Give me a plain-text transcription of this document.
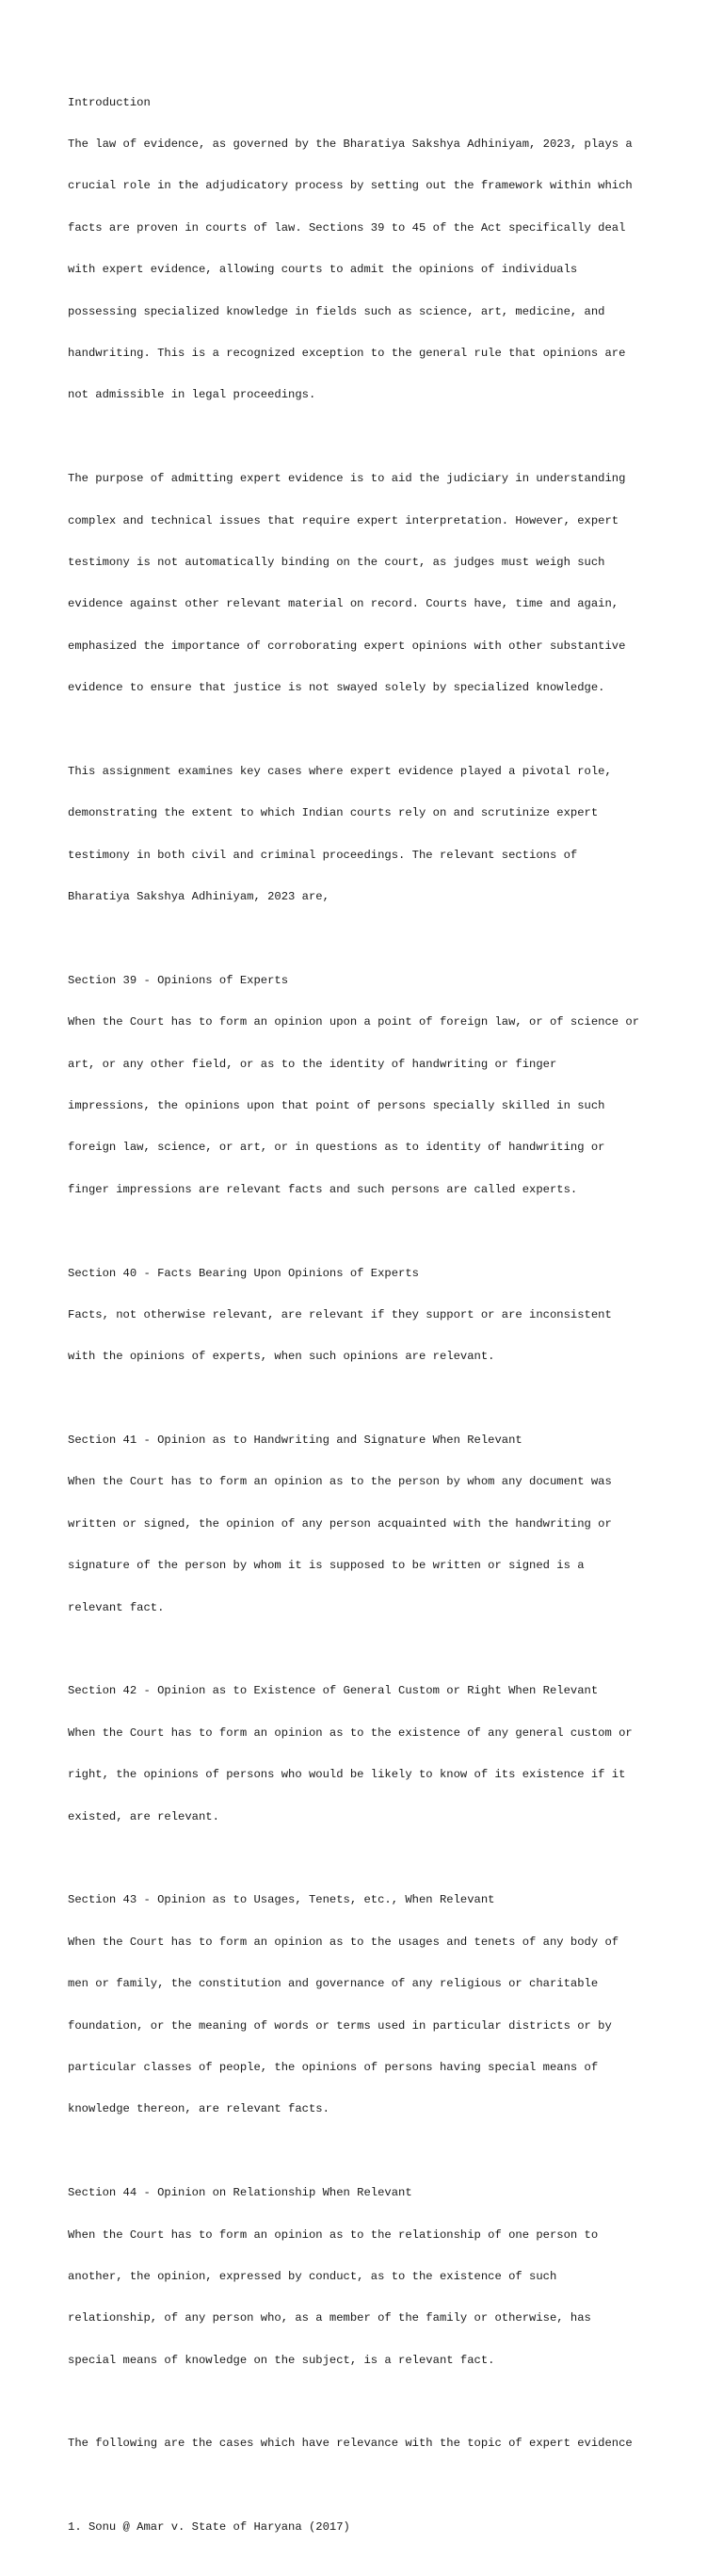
Introduction

The law of evidence, as governed by the Bharatiya Sakshya Adhiniyam, 2023, plays a

crucial role in the adjudicatory process by setting out the framework within which

facts are proven in courts of law. Sections 39 to 45 of the Act specifically deal

with expert evidence, allowing courts to admit the opinions of individuals

possessing specialized knowledge in fields such as science, art, medicine, and

handwriting. This is a recognized exception to the general rule that opinions are

not admissible in legal proceedings.

The purpose of admitting expert evidence is to aid the judiciary in understanding

complex and technical issues that require expert interpretation. However, expert

testimony is not automatically binding on the court, as judges must weigh such

evidence against other relevant material on record. Courts have, time and again,

emphasized the importance of corroborating expert opinions with other substantive

evidence to ensure that justice is not swayed solely by specialized knowledge.

This assignment examines key cases where expert evidence played a pivotal role,

demonstrating the extent to which Indian courts rely on and scrutinize expert

testimony in both civil and criminal proceedings. The relevant sections of

Bharatiya Sakshya Adhiniyam, 2023 are,

Section 39 - Opinions of Experts

When the Court has to form an opinion upon a point of foreign law, or of science or

art, or any other field, or as to the identity of handwriting or finger

impressions, the opinions upon that point of persons specially skilled in such

foreign law, science, or art, or in questions as to identity of handwriting or

finger impressions are relevant facts and such persons are called experts.

Section 40 - Facts Bearing Upon Opinions of Experts

Facts, not otherwise relevant, are relevant if they support or are inconsistent

with the opinions of experts, when such opinions are relevant.

Section 41 - Opinion as to Handwriting and Signature When Relevant

When the Court has to form an opinion as to the person by whom any document was

written or signed, the opinion of any person acquainted with the handwriting or

signature of the person by whom it is supposed to be written or signed is a

relevant fact.

Section 42 - Opinion as to Existence of General Custom or Right When Relevant

When the Court has to form an opinion as to the existence of any general custom or

right, the opinions of persons who would be likely to know of its existence if it

existed, are relevant.

Section 43 - Opinion as to Usages, Tenets, etc., When Relevant

When the Court has to form an opinion as to the usages and tenets of any body of

men or family, the constitution and governance of any religious or charitable

foundation, or the meaning of words or terms used in particular districts or by

particular classes of people, the opinions of persons having special means of

knowledge thereon, are relevant facts.

Section 44 - Opinion on Relationship When Relevant

When the Court has to form an opinion as to the relationship of one person to

another, the opinion, expressed by conduct, as to the existence of such

relationship, of any person who, as a member of the family or otherwise, has

special means of knowledge on the subject, is a relevant fact.

The following are the cases which have relevance with the topic of expert evidence

1. Sonu @ Amar v. State of Haryana (2017)
